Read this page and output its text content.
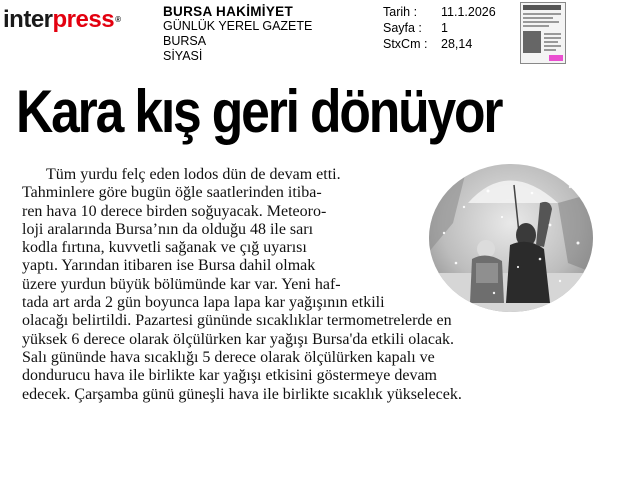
interpress®
BURSA HAKİMİYET
GÜNLÜK YEREL GAZETE
BURSA
SİYASİ
Tarih :	11.1.2026
Sayfa :	1
StxCm :	28,14
Kara kış geri dönüyor
Tüm yurdu felç eden lodos dün de devam etti.
Tahminlere göre bugün öğle saatlerinden itiba-
ren hava 10 derece birden soğuyacak. Meteoro-
loji aralarında Bursa’nın da olduğu 48 ile sarı
kodla fırtına, kuvvetli sağanak ve çığ uyarısı
yaptı. Yarından itibaren ise Bursa dahil olmak
üzere yurdun büyük bölümünde kar var. Yeni haf-
tada art arda 2 gün boyunca lapa lapa kar yağışının etkili
olacağı belirtildi. Pazartesi gününde sıcaklıklar termometrelerde en
yüksek 6 derece olarak ölçülürken kar yağışı Bursa'da etkili olacak.
Salı gününde hava sıcaklığı 5 derece olarak ölçülürken kapalı ve
dondurucu hava ile birlikte kar yağışı etkisini göstermeye devam
edecek. Çarşamba günü güneşli hava ile birlikte sıcaklık yükselecek.
